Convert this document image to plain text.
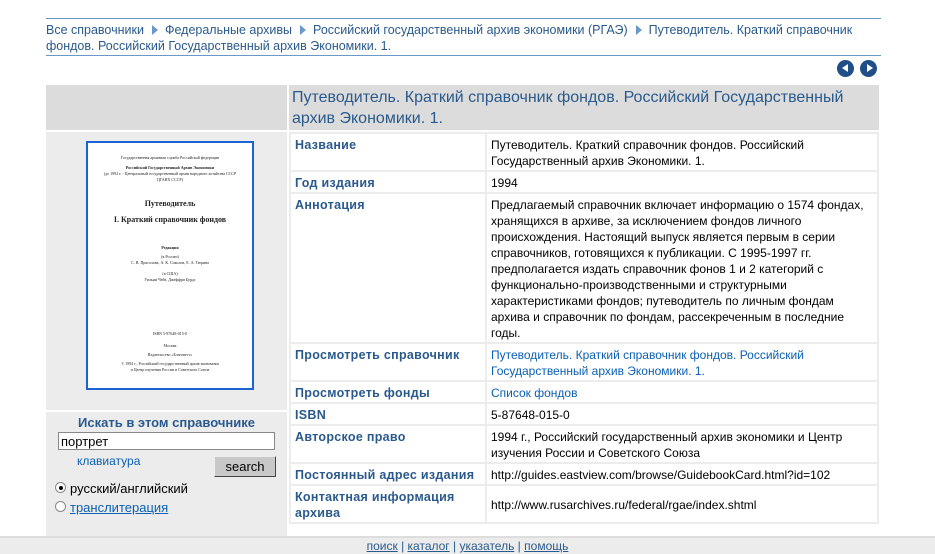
Все справочники Федеральные архивы Российский государственный архив экономики (РГАЭ) Путеводитель. Краткий справочник фондов. Российский Государственный архив Экономики. 1.
Путеводитель. Краткий справочник фондов. Российский Государственный архив Экономики. 1.
Государственная архивная служба Российской федерации
Российский Государственный Архив Экономики
(до 1992 г. - Центральный государственный архив народного хозяйства СССР
ЦГАНХ СССР)
Путеводитель
I. Краткий справочник фондов
Редакция
(в России)
С. В. Прасолова, А. К. Соколов, Е. А. Тюрина
(в США)
Уильям Чейз, Джеффри Бурдс
ISBN 5-87648-015-0
Москва
Издательство «Благовест»
© 1994 г., Российский государственный архив экономики
и Центр изучения России и Советского Союза
Искать в этом справочнике
портрет
клавиатура	search
русский/английский
транслитерация
Название	Путеводитель. Краткий справочник фондов. Российский Государственный архив Экономики. 1.
Год издания	1994
Аннотация	Предлагаемый справочник включает информацию о 1574 фондах, хранящихся в архиве, за исключением фондов личного происхождения. Настоящий выпуск является первым в серии справочников, готовящихся к публикации. С 1995-1997 гг. предполагается издать справочник фонов 1 и 2 категорий с функционально-производственными и структурными характеристиками фондов; путеводитель по личным фондам архива и справочник по фондам, рассекреченным в последние годы.
Просмотреть справочник	Путеводитель. Краткий справочник фондов. Российский Государственный архив Экономики. 1.
Просмотреть фонды	Список фондов
ISBN	5-87648-015-0
Авторское право	1994 г., Российский государственный архив экономики и Центр изучения России и Советского Союза
Постоянный адрес издания	http://guides.eastview.com/browse/GuidebookCard.html?id=102
Контактная информация архива	http://www.rusarchives.ru/federal/rgae/index.shtml
поиск | каталог | указатель | помощь
